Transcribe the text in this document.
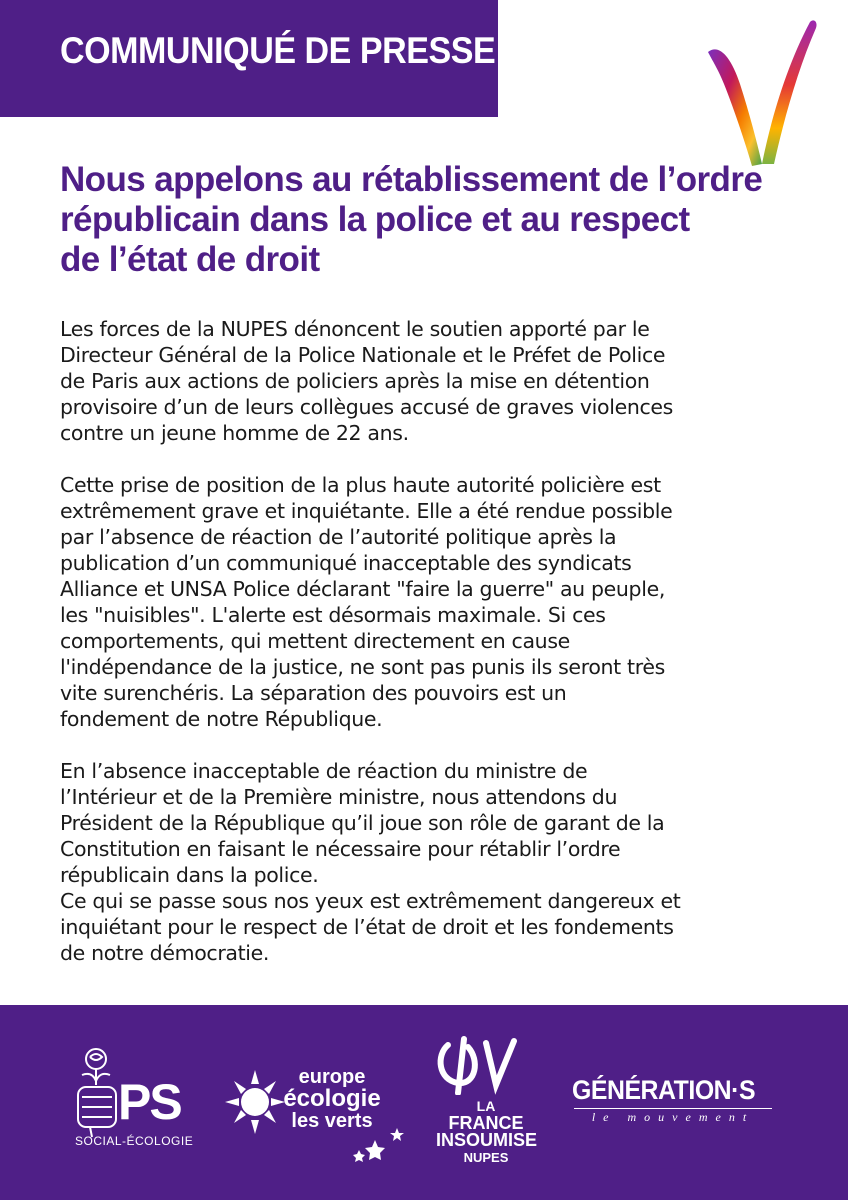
COMMUNIQUÉ DE PRESSE
Nous appelons au rétablissement de l’ordre
républicain dans la police et au respect
de l’état de droit
Les forces de la NUPES dénoncent le soutien apporté par le
Directeur Général de la Police Nationale et le Préfet de Police
de Paris aux actions de policiers après la mise en détention
provisoire d’un de leurs collègues accusé de graves violences
contre un jeune homme de 22 ans.
Cette prise de position de la plus haute autorité policière est
extrêmement grave et inquiétante. Elle a été rendue possible
par l’absence de réaction de l’autorité politique après la
publication d’un communiqué inacceptable des syndicats
Alliance et UNSA Police déclarant "faire la guerre" au peuple,
les "nuisibles". L'alerte est désormais maximale. Si ces
comportements, qui mettent directement en cause
l'indépendance de la justice, ne sont pas punis ils seront très
vite surenchéris. La séparation des pouvoirs est un
fondement de notre République.
En l’absence inacceptable de réaction du ministre de
l’Intérieur et de la Première ministre, nous attendons du
Président de la République qu’il joue son rôle de garant de la
Constitution en faisant le nécessaire pour rétablir l’ordre
républicain dans la police.
Ce qui se passe sous nos yeux est extrêmement dangereux et
inquiétant pour le respect de l’état de droit et les fondements
de notre démocratie.
PS
SOCIAL-ÉCOLOGIE
europe
écologie
les verts
LA
FRANCE
INSOUMISE
NUPES
GÉNÉRATION·S
le mouvement
